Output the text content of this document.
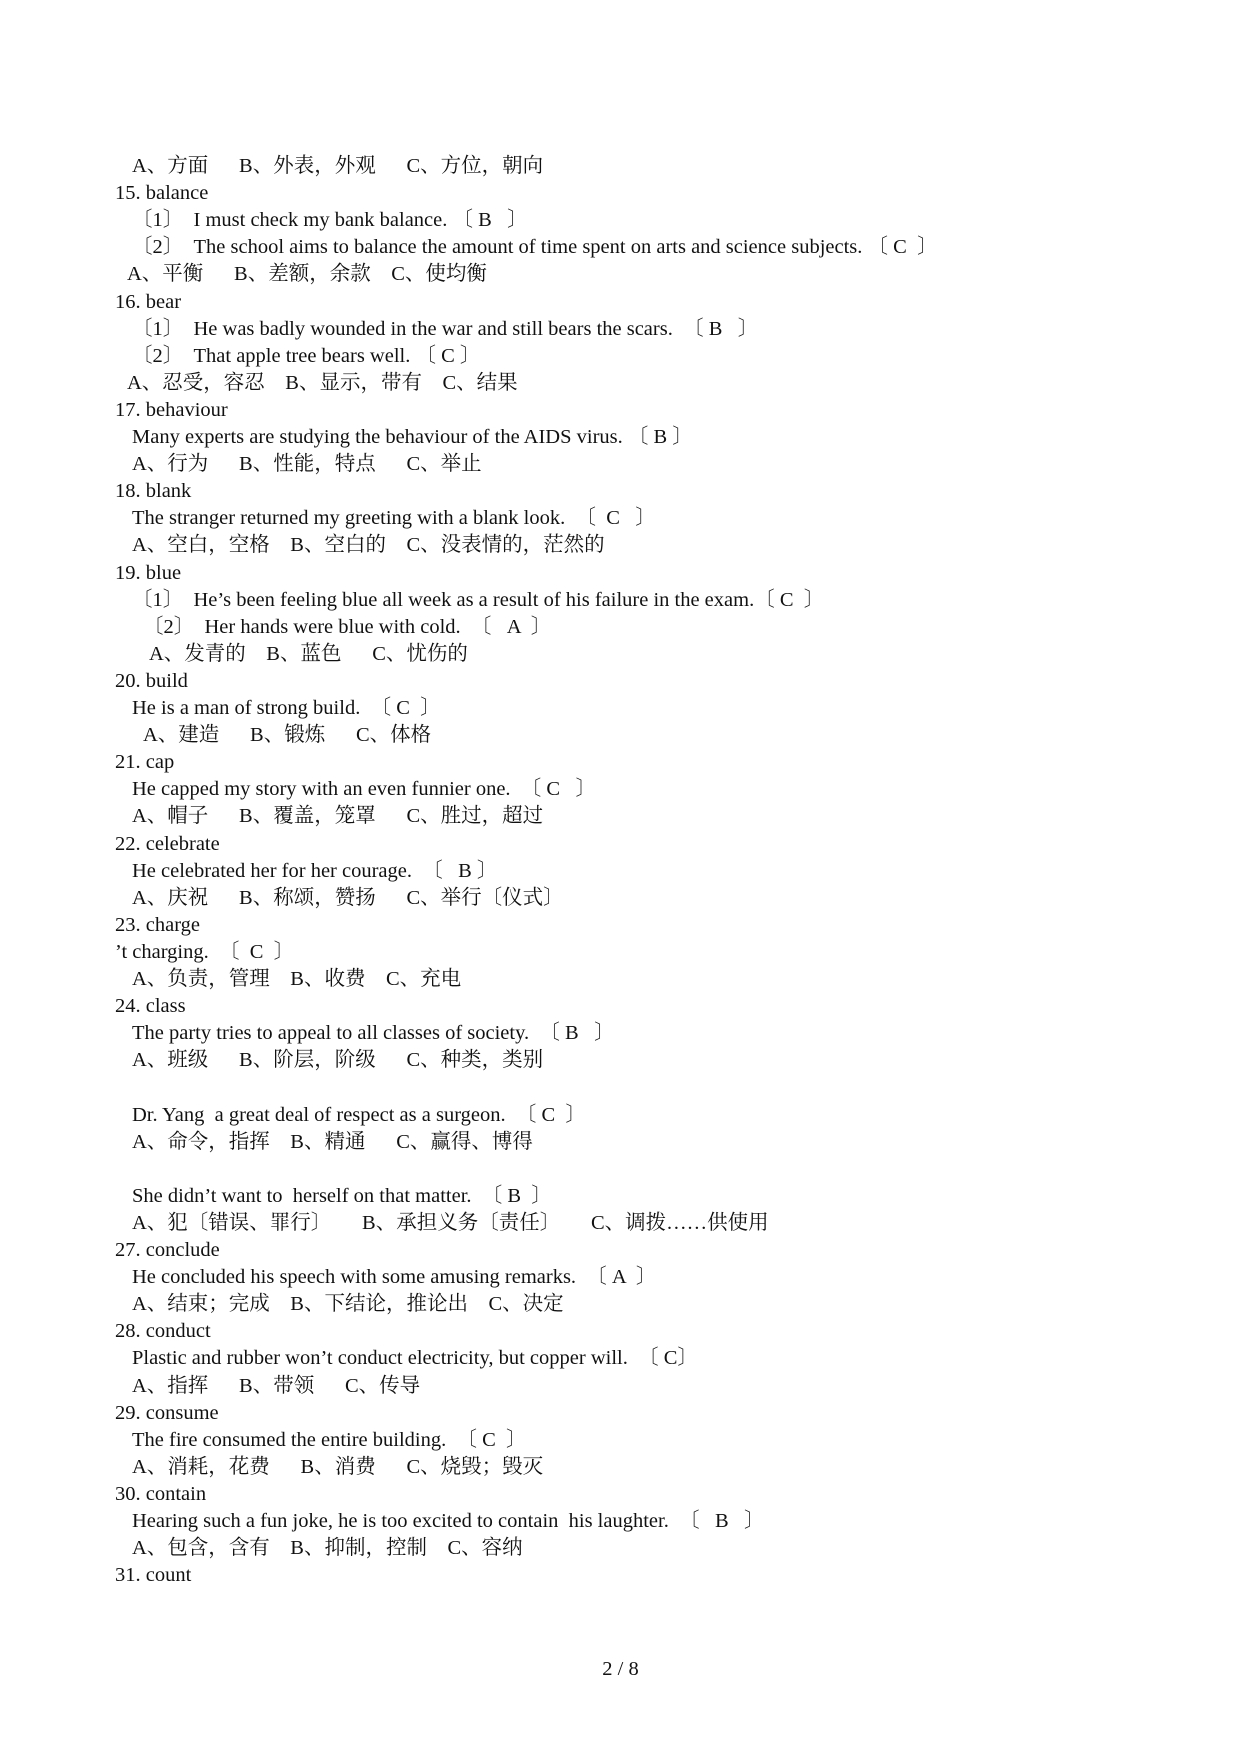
A、方面      B、外表，外观      C、方位，朝向
15. balance
〔1〕  I must check my bank balance. 〔 B   〕
〔2〕  The school aims to balance the amount of time spent on arts and science subjects. 〔 C  〕
A、平衡      B、差额，余款    C、使均衡
16. bear
〔1〕  He was badly wounded in the war and still bears the scars.  〔 B   〕
〔2〕  That apple tree bears well. 〔 C 〕
A、忍受，容忍    B、显示，带有    C、结果
17. behaviour
Many experts are studying the behaviour of the AIDS virus. 〔 B 〕
A、行为      B、性能，特点      C、举止
18. blank
The stranger returned my greeting with a blank look.  〔  C   〕
A、空白，空格    B、空白的    C、没表情的，茫然的
19. blue
〔1〕  He’s been feeling blue all week as a result of his failure in the exam.〔 C  〕
〔2〕  Her hands were blue with cold.  〔   A  〕
A、发青的    B、蓝色      C、忧伤的
20. build
He is a man of strong build.  〔 C  〕
A、建造      B、锻炼      C、体格
21. cap
He capped my story with an even funnier one.  〔 C   〕
A、帽子      B、覆盖，笼罩      C、胜过，超过
22. celebrate
He celebrated her for her courage.  〔   B 〕
A、庆祝      B、称颂，赞扬      C、举行〔仪式〕
23. charge
’t charging.  〔  C  〕
A、负责，管理    B、收费    C、充电
24. class
The party tries to appeal to all classes of society.  〔 B   〕
A、班级      B、阶层，阶级      C、种类，类别
Dr. Yang  a great deal of respect as a surgeon.  〔 C  〕
A、命令，指挥    B、精通      C、赢得、博得
She didn’t want to  herself on that matter.  〔 B  〕
A、犯〔错误、罪行〕      B、承担义务〔责任〕      C、调拨……供使用
27. conclude
He concluded his speech with some amusing remarks.  〔 A  〕
A、结束；完成    B、下结论，推论出    C、决定
28. conduct
Plastic and rubber won’t conduct electricity, but copper will.  〔 C〕
A、指挥      B、带领      C、传导
29. consume
The fire consumed the entire building.  〔 C  〕
A、消耗，花费      B、消费      C、烧毁；毁灭
30. contain
Hearing such a fun joke, he is too excited to contain  his laughter.  〔   B   〕
A、包含，含有    B、抑制，控制    C、容纳
31. count
2 / 8
